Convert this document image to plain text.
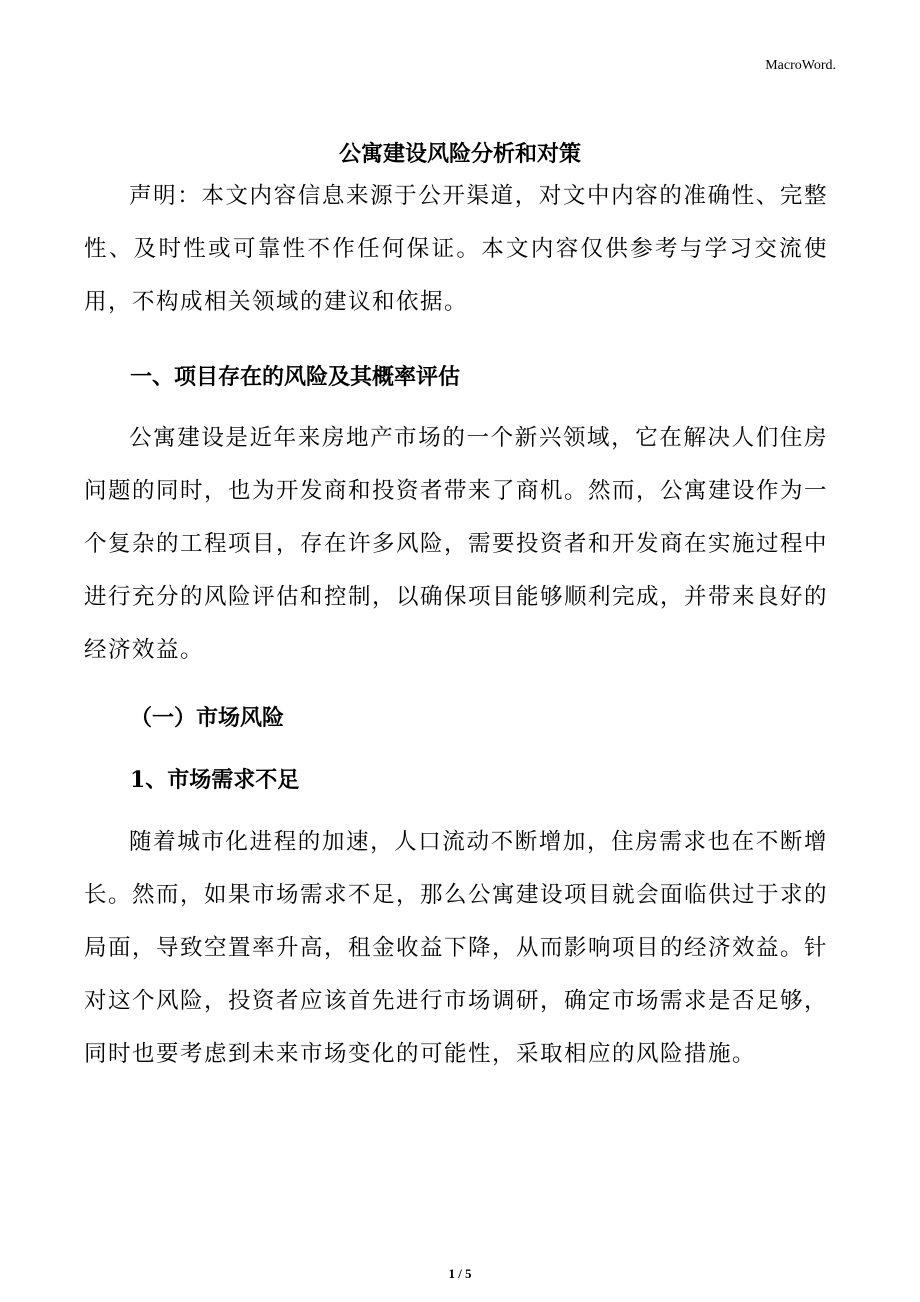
MacroWord.
公寓建设风险分析和对策

声明：本文内容信息来源于公开渠道，对文中内容的准确性、完整性、及时性或可靠性不作任何保证。本文内容仅供参考与学习交流使用，不构成相关领域的建议和依据。

一、项目存在的风险及其概率评估

公寓建设是近年来房地产市场的一个新兴领域，它在解决人们住房问题的同时，也为开发商和投资者带来了商机。然而，公寓建设作为一个复杂的工程项目，存在许多风险，需要投资者和开发商在实施过程中进行充分的风险评估和控制，以确保项目能够顺利完成，并带来良好的经济效益。

（一）市场风险
1、市场需求不足

随着城市化进程的加速，人口流动不断增加，住房需求也在不断增长。然而，如果市场需求不足，那么公寓建设项目就会面临供过于求的局面，导致空置率升高，租金收益下降，从而影响项目的经济效益。针对这个风险，投资者应该首先进行市场调研，确定市场需求是否足够，同时也要考虑到未来市场变化的可能性，采取相应的风险措施。

1 / 5
